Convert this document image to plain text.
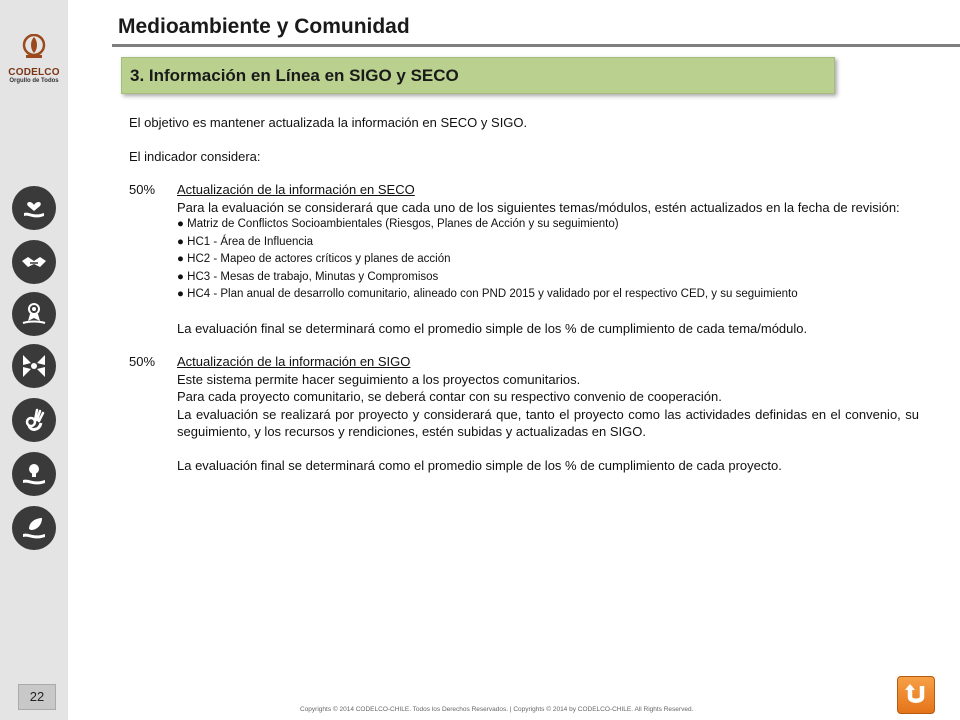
CODELCO
Orgullo de Todos
22
Medioambiente y Comunidad
3. Información en Línea en SIGO y SECO

El objetivo es mantener actualizada la información en SECO y SIGO.

El indicador considera:

50%	Actualización de la información en SECO
Para la evaluación se considerará que cada uno de los siguientes temas/módulos, estén actualizados en la fecha de revisión:
● Matriz de Conflictos Socioambientales (Riesgos, Planes de Acción y su seguimiento)
● HC1 - Área de Influencia
● HC2 - Mapeo de actores críticos y planes de acción
● HC3 - Mesas de trabajo, Minutas y Compromisos
● HC4 - Plan anual de desarrollo comunitario, alineado con PND 2015 y validado por el respectivo CED, y su seguimiento
La evaluación final se determinará como el promedio simple de los % de cumplimiento de cada tema/módulo.
50%	Actualización de la información en SIGO
Este sistema permite hacer seguimiento a los proyectos comunitarios.
Para cada proyecto comunitario, se deberá contar con su respectivo convenio de cooperación.
La evaluación se realizará por proyecto y considerará que, tanto el proyecto como las actividades definidas en el convenio, su seguimiento, y los recursos y rendiciones, estén subidas y actualizadas en SIGO.
La evaluación final se determinará como el promedio simple de los % de cumplimiento de cada proyecto.
Copyrights © 2014 CODELCO-CHILE. Todos los Derechos Reservados. | Copyrights © 2014 by CODELCO-CHILE. All Rights Reserved.
